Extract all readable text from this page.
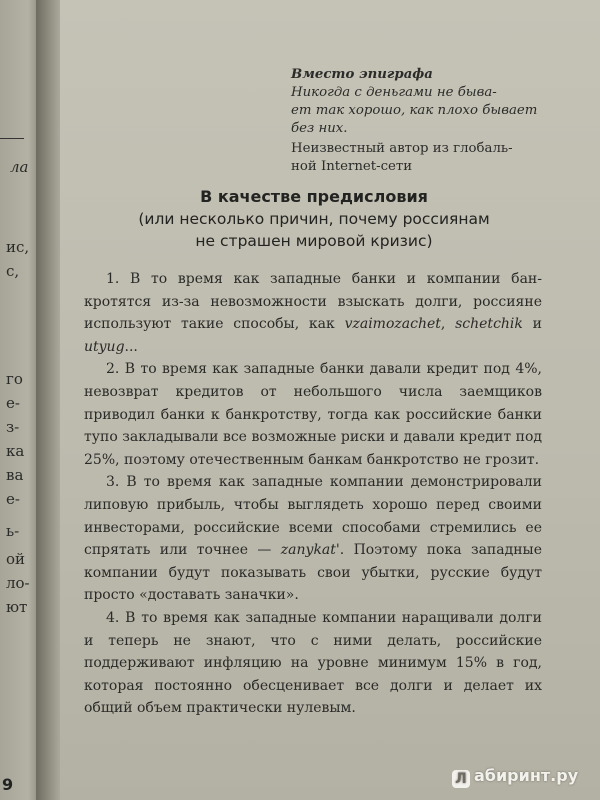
ла
ис,
с,
го
е-
з-
ка
ва
е-
ь-
ой
ло-
ют
9
Вместо эпиграфа
Никогда с деньгами не быва-
ет так хорошо, как плохо бывает
без них.
Неизвестный автор из глобаль-
ной Internet-сети
В качестве предисловия
(или несколько причин, почему россиянам
не страшен мировой кризис)

1. В то время как западные банки и компании банкротятся из-за невозможности взыскать долги, россияне используют такие способы, как vzaimozachet, schetchik и utyug...

2. В то время как западные банки давали кредит под 4%, невозврат кредитов от небольшого числа заемщиков приводил банки к банкротству, тогда как российские банки тупо закладывали все возможные риски и давали кредит под 25%, поэтому отечественным банкам банкротство не грозит.

3. В то время как западные компании демонстрировали липовую прибыль, чтобы выглядеть хорошо перед своими инвесторами, российские всеми способами стремились ее спрятать или точнее — zanykat'. Поэтому пока западные компании будут показывать свои убытки, русские будут просто «доставать заначки».

4. В то время как западные компании наращивали долги и теперь не знают, что с ними делать, российские поддерживают инфляцию на уровне минимум 15% в год, которая постоянно обесценивает все долги и делает их общий объем практически нулевым.

Л абиринт.ру
